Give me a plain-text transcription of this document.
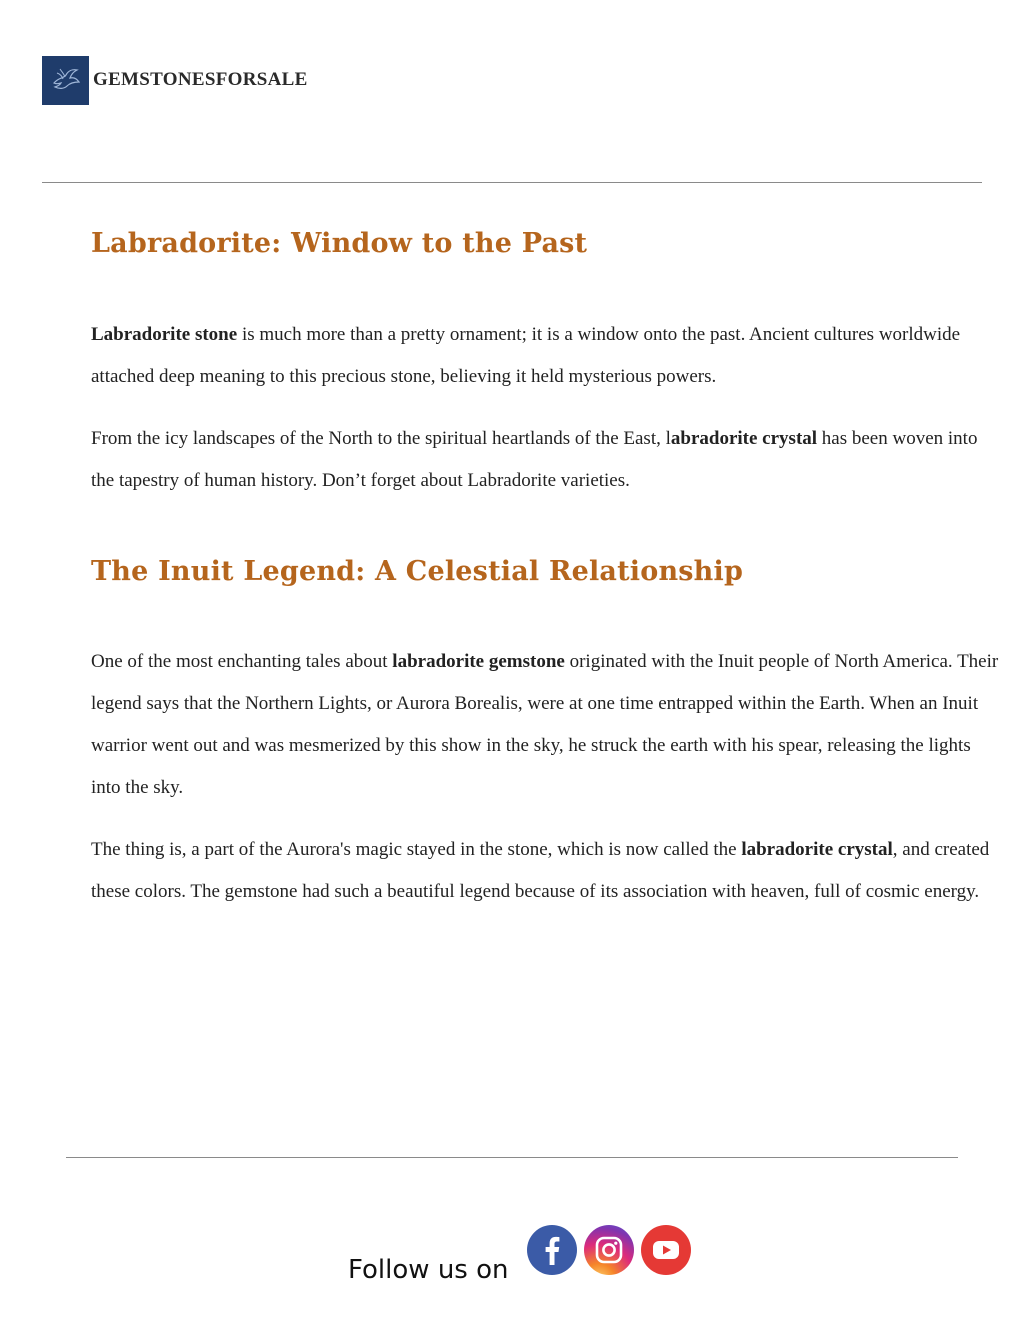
GEMSTONESFORSALE
Labradorite: Window to the Past

Labradorite stone is much more than a pretty ornament; it is a window onto the past. Ancient cultures worldwide attached deep meaning to this precious stone, believing it held mysterious powers.

From the icy landscapes of the North to the spiritual heartlands of the East, labradorite crystal has been woven into the tapestry of human history. Don’t forget about Labradorite varieties.

The Inuit Legend: A Celestial Relationship

One of the most enchanting tales about labradorite gemstone originated with the Inuit people of North America. Their legend says that the Northern Lights, or Aurora Borealis, were at one time entrapped within the Earth. When an Inuit warrior went out and was mesmerized by this show in the sky, he struck the earth with his spear, releasing the lights into the sky.

The thing is, a part of the Aurora's magic stayed in the stone, which is now called the labradorite crystal, and created these colors. The gemstone had such a beautiful legend because of its association with heaven, full of cosmic energy.

Follow us on
